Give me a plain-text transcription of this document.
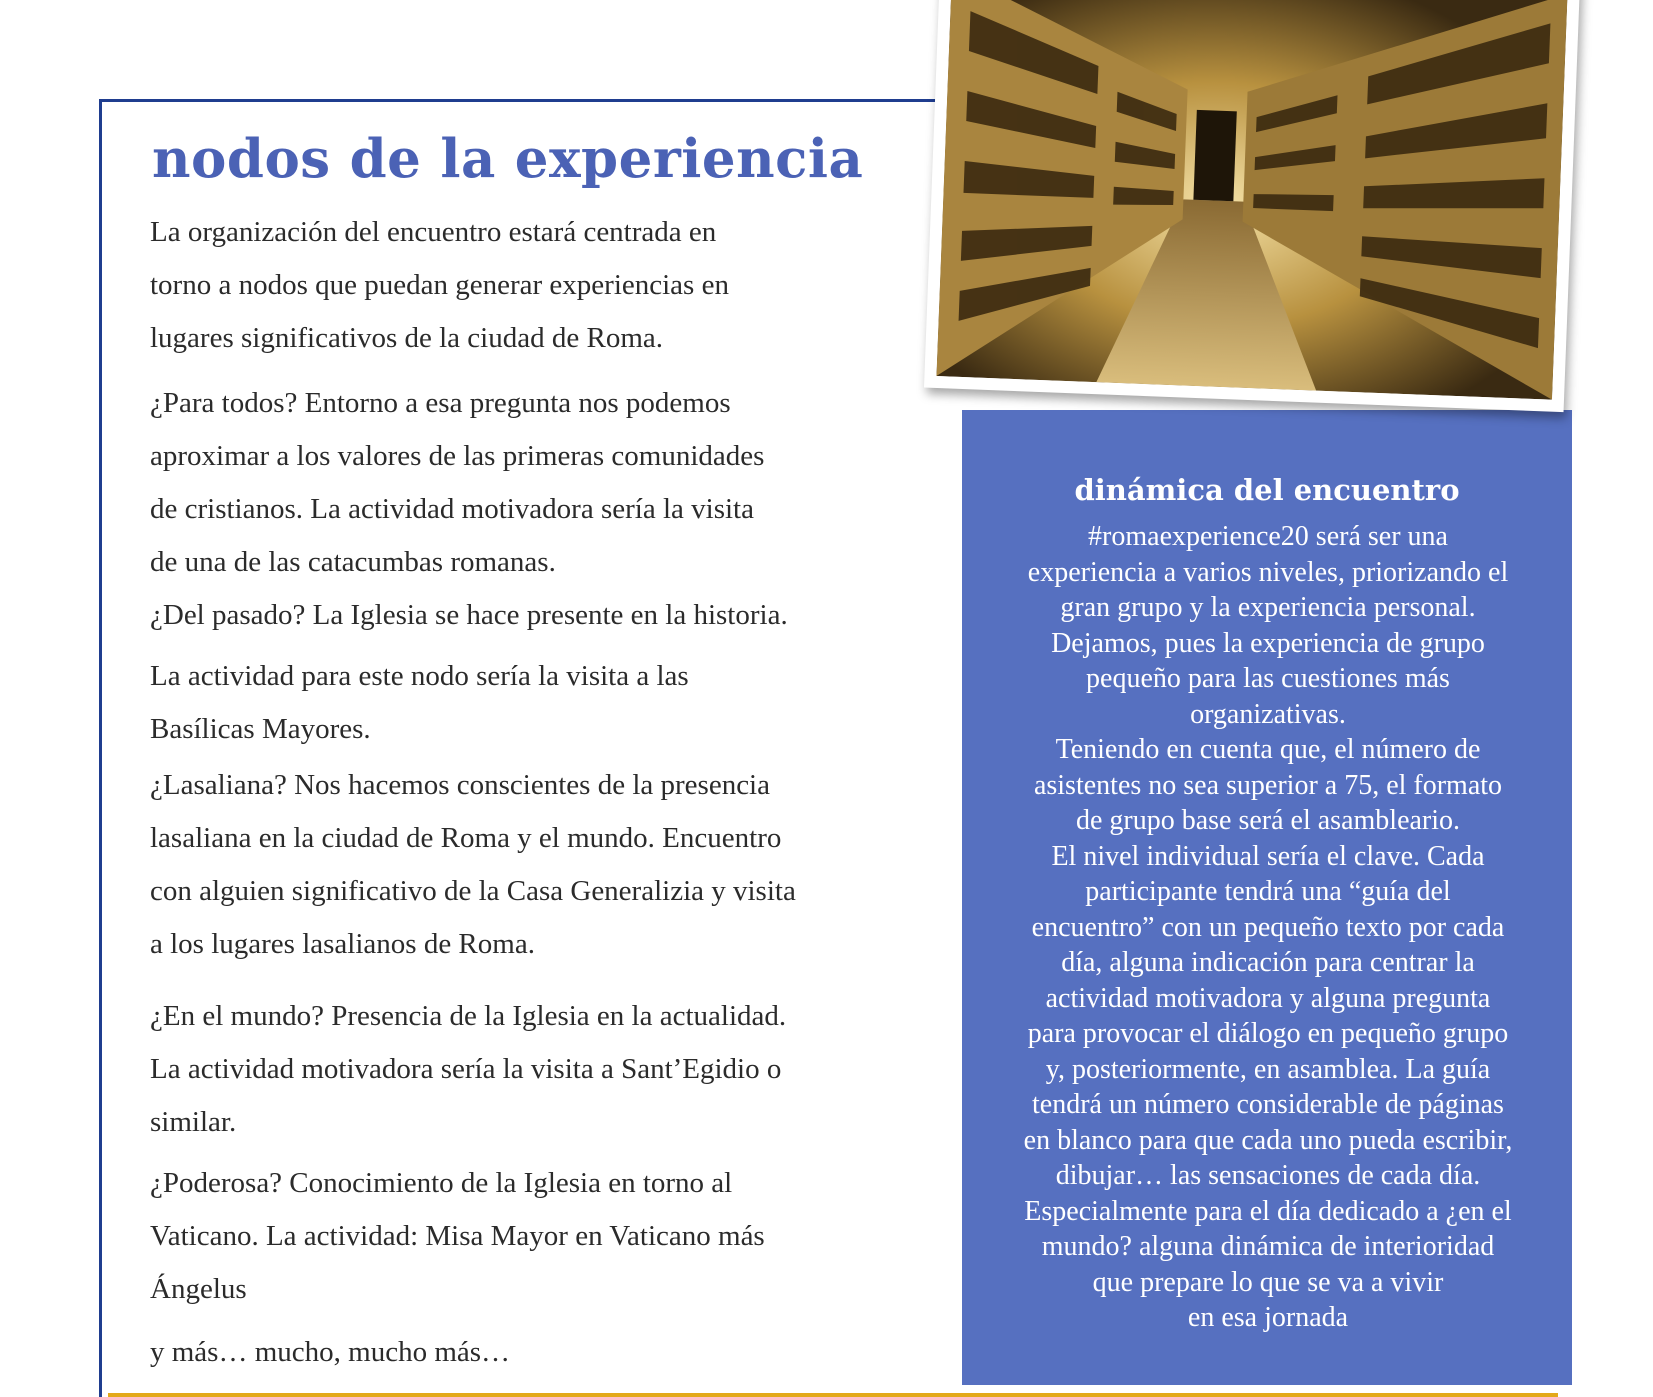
nodos de la experiencia

La organización del encuentro estará centrada en

torno a nodos que puedan generar experiencias en

lugares significativos de la ciudad de Roma.

¿Para todos? Entorno a esa pregunta nos podemos

aproximar a los valores de las primeras comunidades

de cristianos. La actividad motivadora sería la visita

de una de las catacumbas romanas.

¿Del pasado? La Iglesia se hace presente en la historia.

La actividad para este nodo sería la visita a las

Basílicas Mayores.

¿Lasaliana? Nos hacemos conscientes de la presencia

lasaliana en la ciudad de Roma y el mundo. Encuentro

con alguien significativo de la Casa Generalizia y visita

a los lugares lasalianos de Roma.

¿En el mundo? Presencia de la Iglesia en la actualidad.

La actividad motivadora sería la visita a Sant’Egidio o

similar.

¿Poderosa? Conocimiento de la Iglesia en torno al

Vaticano. La actividad: Misa Mayor en Vaticano más

Ángelus

y más… mucho, mucho más…

dinámica del encuentro
#romaexperience20 será ser una
experiencia a varios niveles, priorizando el
gran grupo y la experiencia personal.
Dejamos, pues la experiencia de grupo
pequeño para las cuestiones más
organizativas.
Teniendo en cuenta que, el número de
asistentes no sea superior a 75, el formato
de grupo base será el asambleario.
El nivel individual sería el clave. Cada
participante tendrá una “guía del
encuentro” con un pequeño texto por cada
día, alguna indicación para centrar la
actividad motivadora y alguna pregunta
para provocar el diálogo en pequeño grupo
y, posteriormente, en asamblea. La guía
tendrá un número considerable de páginas
en blanco para que cada uno pueda escribir,
dibujar… las sensaciones de cada día.
Especialmente para el día dedicado a ¿en el
mundo? alguna dinámica de interioridad
que prepare lo que se va a vivir
en esa jornada
